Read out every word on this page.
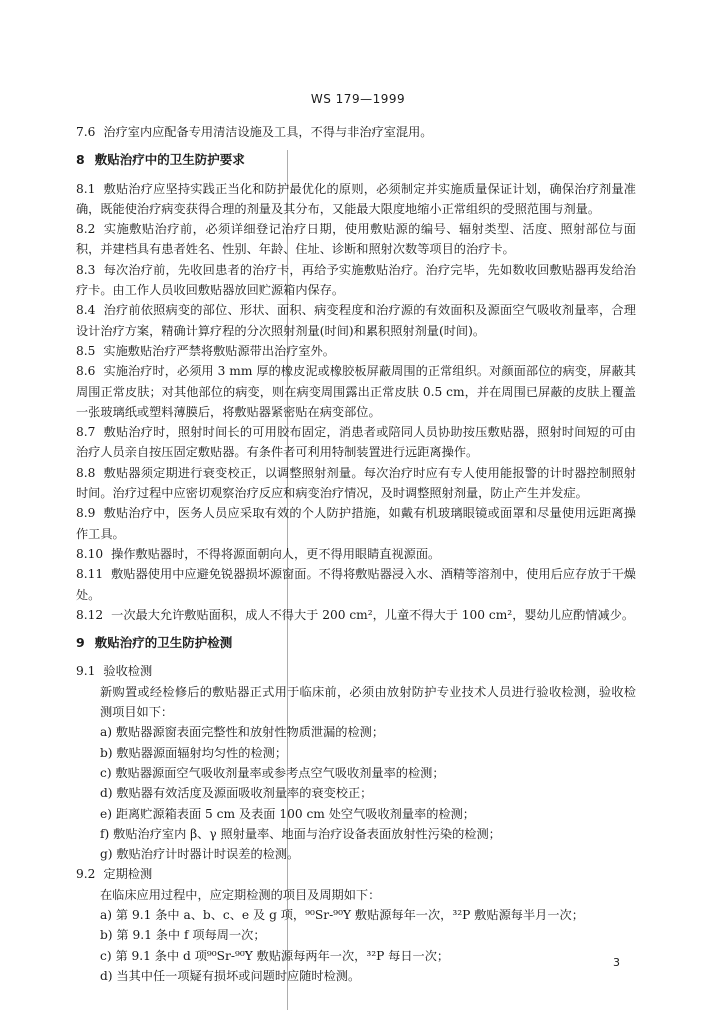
WS 179—1999

7.6 治疗室内应配备专用清洁设施及工具，不得与非治疗室混用。

8 敷贴治疗中的卫生防护要求

8.1 敷贴治疗应坚持实践正当化和防护最优化的原则，必须制定并实施质量保证计划，确保治疗剂量准确，既能使治疗病变获得合理的剂量及其分布，又能最大限度地缩小正常组织的受照范围与剂量。

8.2 实施敷贴治疗前，必须详细登记治疗日期，使用敷贴源的编号、辐射类型、活度、照射部位与面积，并建档具有患者姓名、性别、年龄、住址、诊断和照射次数等项目的治疗卡。

8.3 每次治疗前，先收回患者的治疗卡，再给予实施敷贴治疗。治疗完毕，先如数收回敷贴器再发给治疗卡。由工作人员收回敷贴器放回贮源箱内保存。

8.4 治疗前依照病变的部位、形状、面积、病变程度和治疗源的有效面积及源面空气吸收剂量率，合理设计治疗方案，精确计算疗程的分次照射剂量(时间)和累积照射剂量(时间)。

8.5 实施敷贴治疗严禁将敷贴源带出治疗室外。

8.6 实施治疗时，必须用 3 mm 厚的橡皮泥或橡胶板屏蔽周围的正常组织。对颜面部位的病变，屏蔽其周围正常皮肤；对其他部位的病变，则在病变周围露出正常皮肤 0.5 cm，并在周围已屏蔽的皮肤上覆盖一张玻璃纸或塑料薄膜后，将敷贴器紧密贴在病变部位。

8.7 敷贴治疗时，照射时间长的可用胶布固定，消患者或陪同人员协助按压敷贴器，照射时间短的可由治疗人员亲自按压固定敷贴器。有条件者可利用特制装置进行远距离操作。

8.8 敷贴器须定期进行衰变校正，以调整照射剂量。每次治疗时应有专人使用能报警的计时器控制照射时间。治疗过程中应密切观察治疗反应和病变治疗情况，及时调整照射剂量，防止产生并发症。

8.9 敷贴治疗中，医务人员应采取有效的个人防护措施，如戴有机玻璃眼镜或面罩和尽量使用远距离操作工具。

8.10 操作敷贴器时，不得将源面朝向人，更不得用眼睛直视源面。

8.11 敷贴器使用中应避免锐器损坏源窗面。不得将敷贴器浸入水、酒精等溶剂中，使用后应存放于干燥处。

8.12 一次最大允许敷贴面积，成人不得大于 200 cm²，儿童不得大于 100 cm²，婴幼儿应酌情减少。

9 敷贴治疗的卫生防护检测

9.1 验收检测

新购置或经检修后的敷贴器正式用于临床前，必须由放射防护专业技术人员进行验收检测，验收检测项目如下：

a) 敷贴器源窗表面完整性和放射性物质泄漏的检测；

b) 敷贴器源面辐射均匀性的检测；

c) 敷贴器源面空气吸收剂量率或参考点空气吸收剂量率的检测；

d) 敷贴器有效活度及源面吸收剂量率的衰变校正；

e) 距离贮源箱表面 5 cm 及表面 100 cm 处空气吸收剂量率的检测；

f) 敷贴治疗室内 β、γ 照射量率、地面与治疗设备表面放射性污染的检测；

g) 敷贴治疗计时器计时误差的检测。

9.2 定期检测

在临床应用过程中，应定期检测的项目及周期如下：

a) 第 9.1 条中 a、b、c、e 及 g 项，⁹⁰Sr-⁹⁰Y 敷贴源每年一次，³²P 敷贴源每半月一次；

b) 第 9.1 条中 f 项每周一次；

c) 第 9.1 条中 d 项⁹⁰Sr-⁹⁰Y 敷贴源每两年一次，³²P 每日一次；

d) 当其中任一项疑有损坏或问题时应随时检测。

3
